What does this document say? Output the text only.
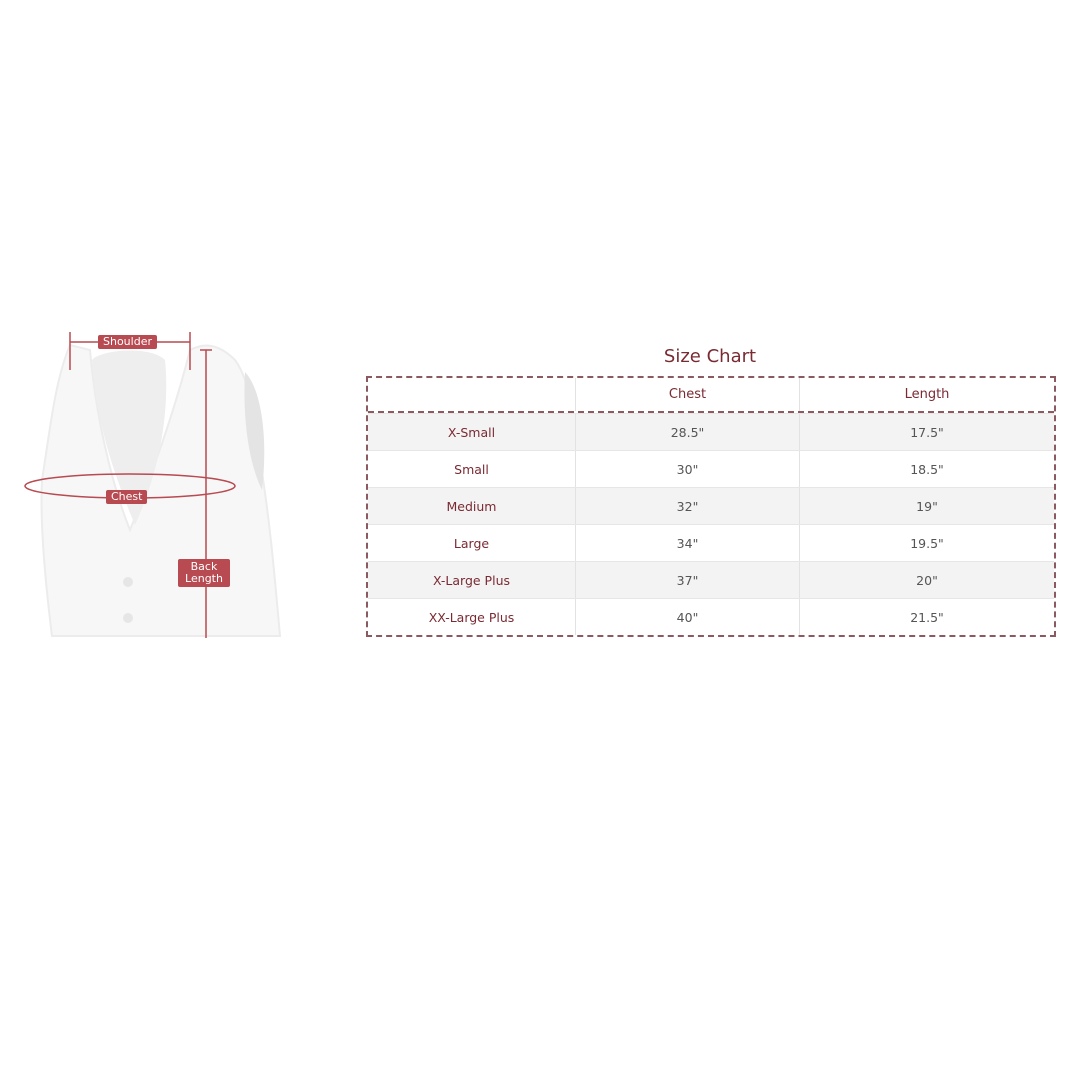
Shoulder
Chest
Back
Length
Size Chart
Chest	Length
X-Small	28.5"	17.5"
Small	30"	18.5"
Medium	32"	19"
Large	34"	19.5"
X-Large Plus	37"	20"
XX-Large Plus	40"	21.5"
